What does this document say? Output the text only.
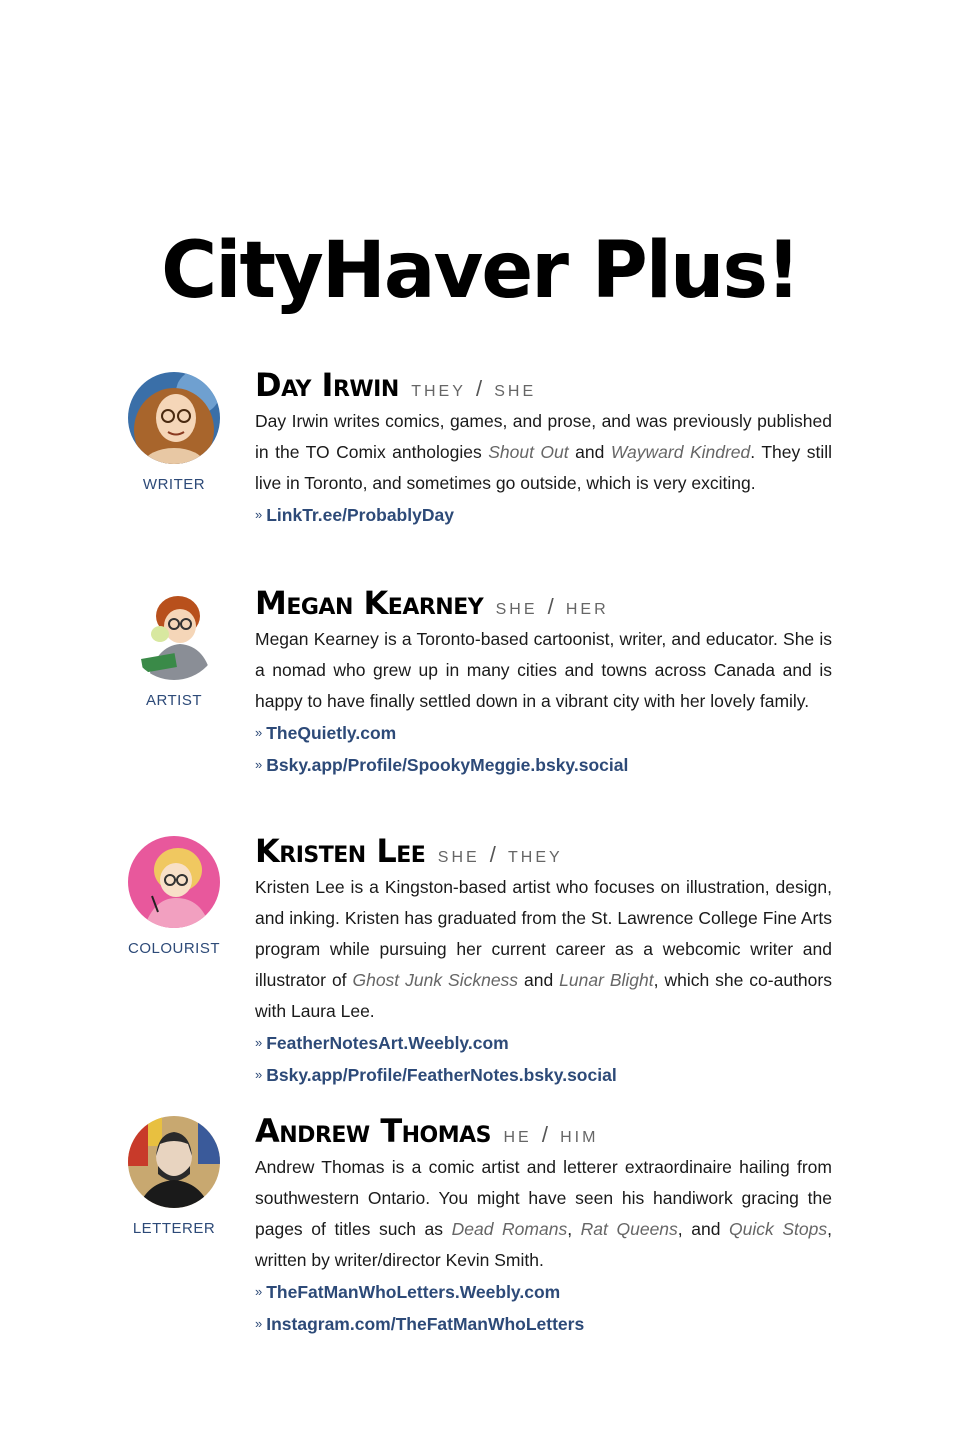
CityHaver Plus!
WRITER
Day Irwin THEY / SHE

Day Irwin writes comics, games, and prose, and was previously published in the TO Comix anthologies Shout Out and Wayward Kindred. They still live in Toronto, and sometimes go outside, which is very exciting.

» LinkTr.ee/ProbablyDay
ARTIST
Megan Kearney SHE / HER

Megan Kearney is a Toronto-based cartoonist, writer, and educator. She is a nomad who grew up in many cities and towns across Canada and is happy to have finally settled down in a vibrant city with her lovely family.

» TheQuietly.com
» Bsky.app/Profile/SpookyMeggie.bsky.social
COLOURIST
Kristen Lee SHE / THEY

Kristen Lee is a Kingston-based artist who focuses on illustration, design, and inking. Kristen has graduated from the St. Lawrence College Fine Arts program while pursuing her current career as a webcomic writer and illustrator of Ghost Junk Sickness and Lunar Blight, which she co-authors with Laura Lee.

» FeatherNotesArt.Weebly.com
» Bsky.app/Profile/FeatherNotes.bsky.social
LETTERER
Andrew Thomas HE / HIM

Andrew Thomas is a comic artist and letterer extraordinaire hailing from southwestern Ontario. You might have seen his handiwork gracing the pages of titles such as Dead Romans, Rat Queens, and Quick Stops, written by writer/director Kevin Smith.

» TheFatManWhoLetters.Weebly.com
» Instagram.com/TheFatManWhoLetters
